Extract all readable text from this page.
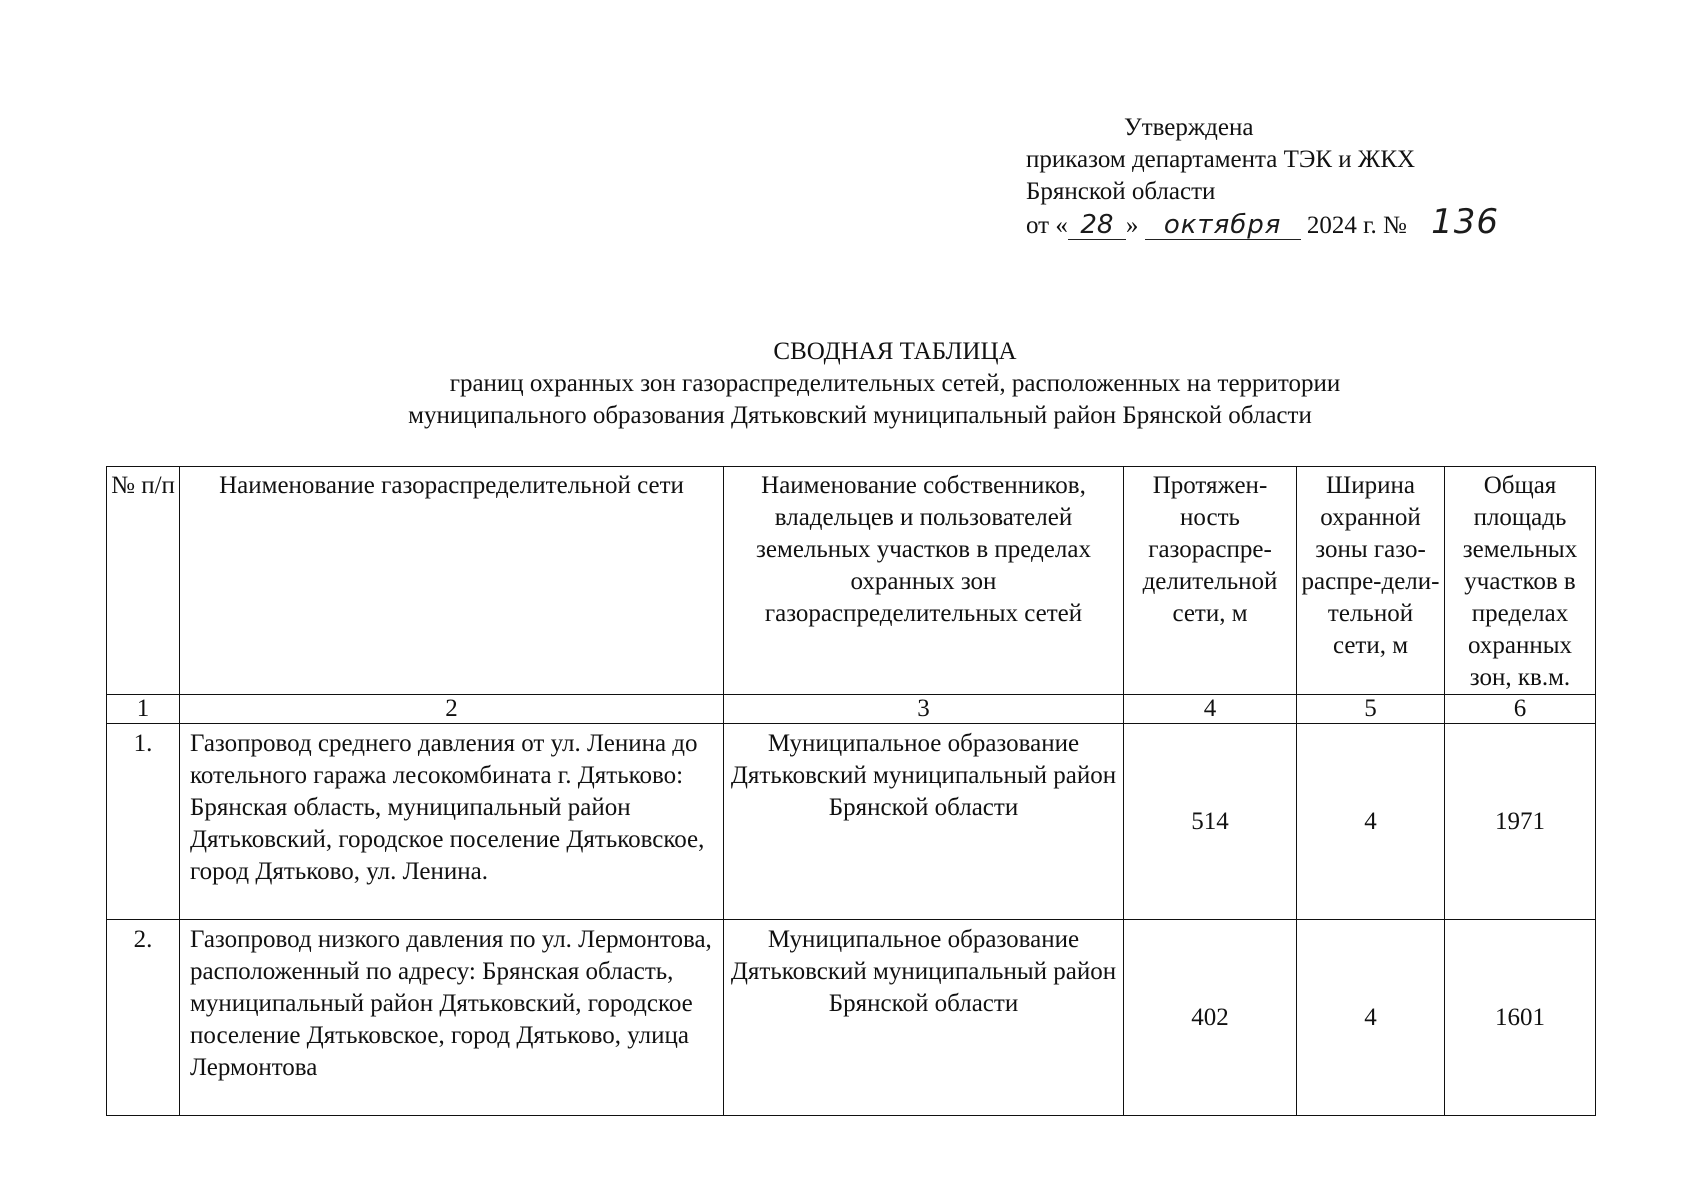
Утверждена
приказом департамента ТЭК и ЖКХ
Брянской области
от « 28 » октября 2024 г. № 136
СВОДНАЯ ТАБЛИЦА
границ охранных зон газораспределительных сетей, расположенных на территории
муниципального образования Дятьковский муниципальный район Брянской области
№ п/п	Наименование газораспределительной сети	Наименование собственников, владельцев и пользователей земельных участков в пределах охранных зон газораспределительных сетей	Протяжен-ность газораспре-делительной сети, м	Ширина охранной зоны газо-распре-дели-тельной сети, м	Общая площадь земельных участков в пределах охранных зон, кв.м.
1	2	3	4	5	6
1.	Газопровод среднего давления от ул. Ленина до котельного гаража лесокомбината г. Дятьково: Брянская область, муниципальный район Дятьковский, городское поселение Дятьковское, город Дятьково, ул. Ленина.	Муниципальное образование Дятьковский муниципальный район Брянской области	514	4	1971
2.	Газопровод низкого давления по ул. Лермонтова, расположенный по адресу: Брянская область, муниципальный район Дятьковский, городское поселение Дятьковское, город Дятьково, улица Лермонтова	Муниципальное образование Дятьковский муниципальный район Брянской области	402	4	1601
